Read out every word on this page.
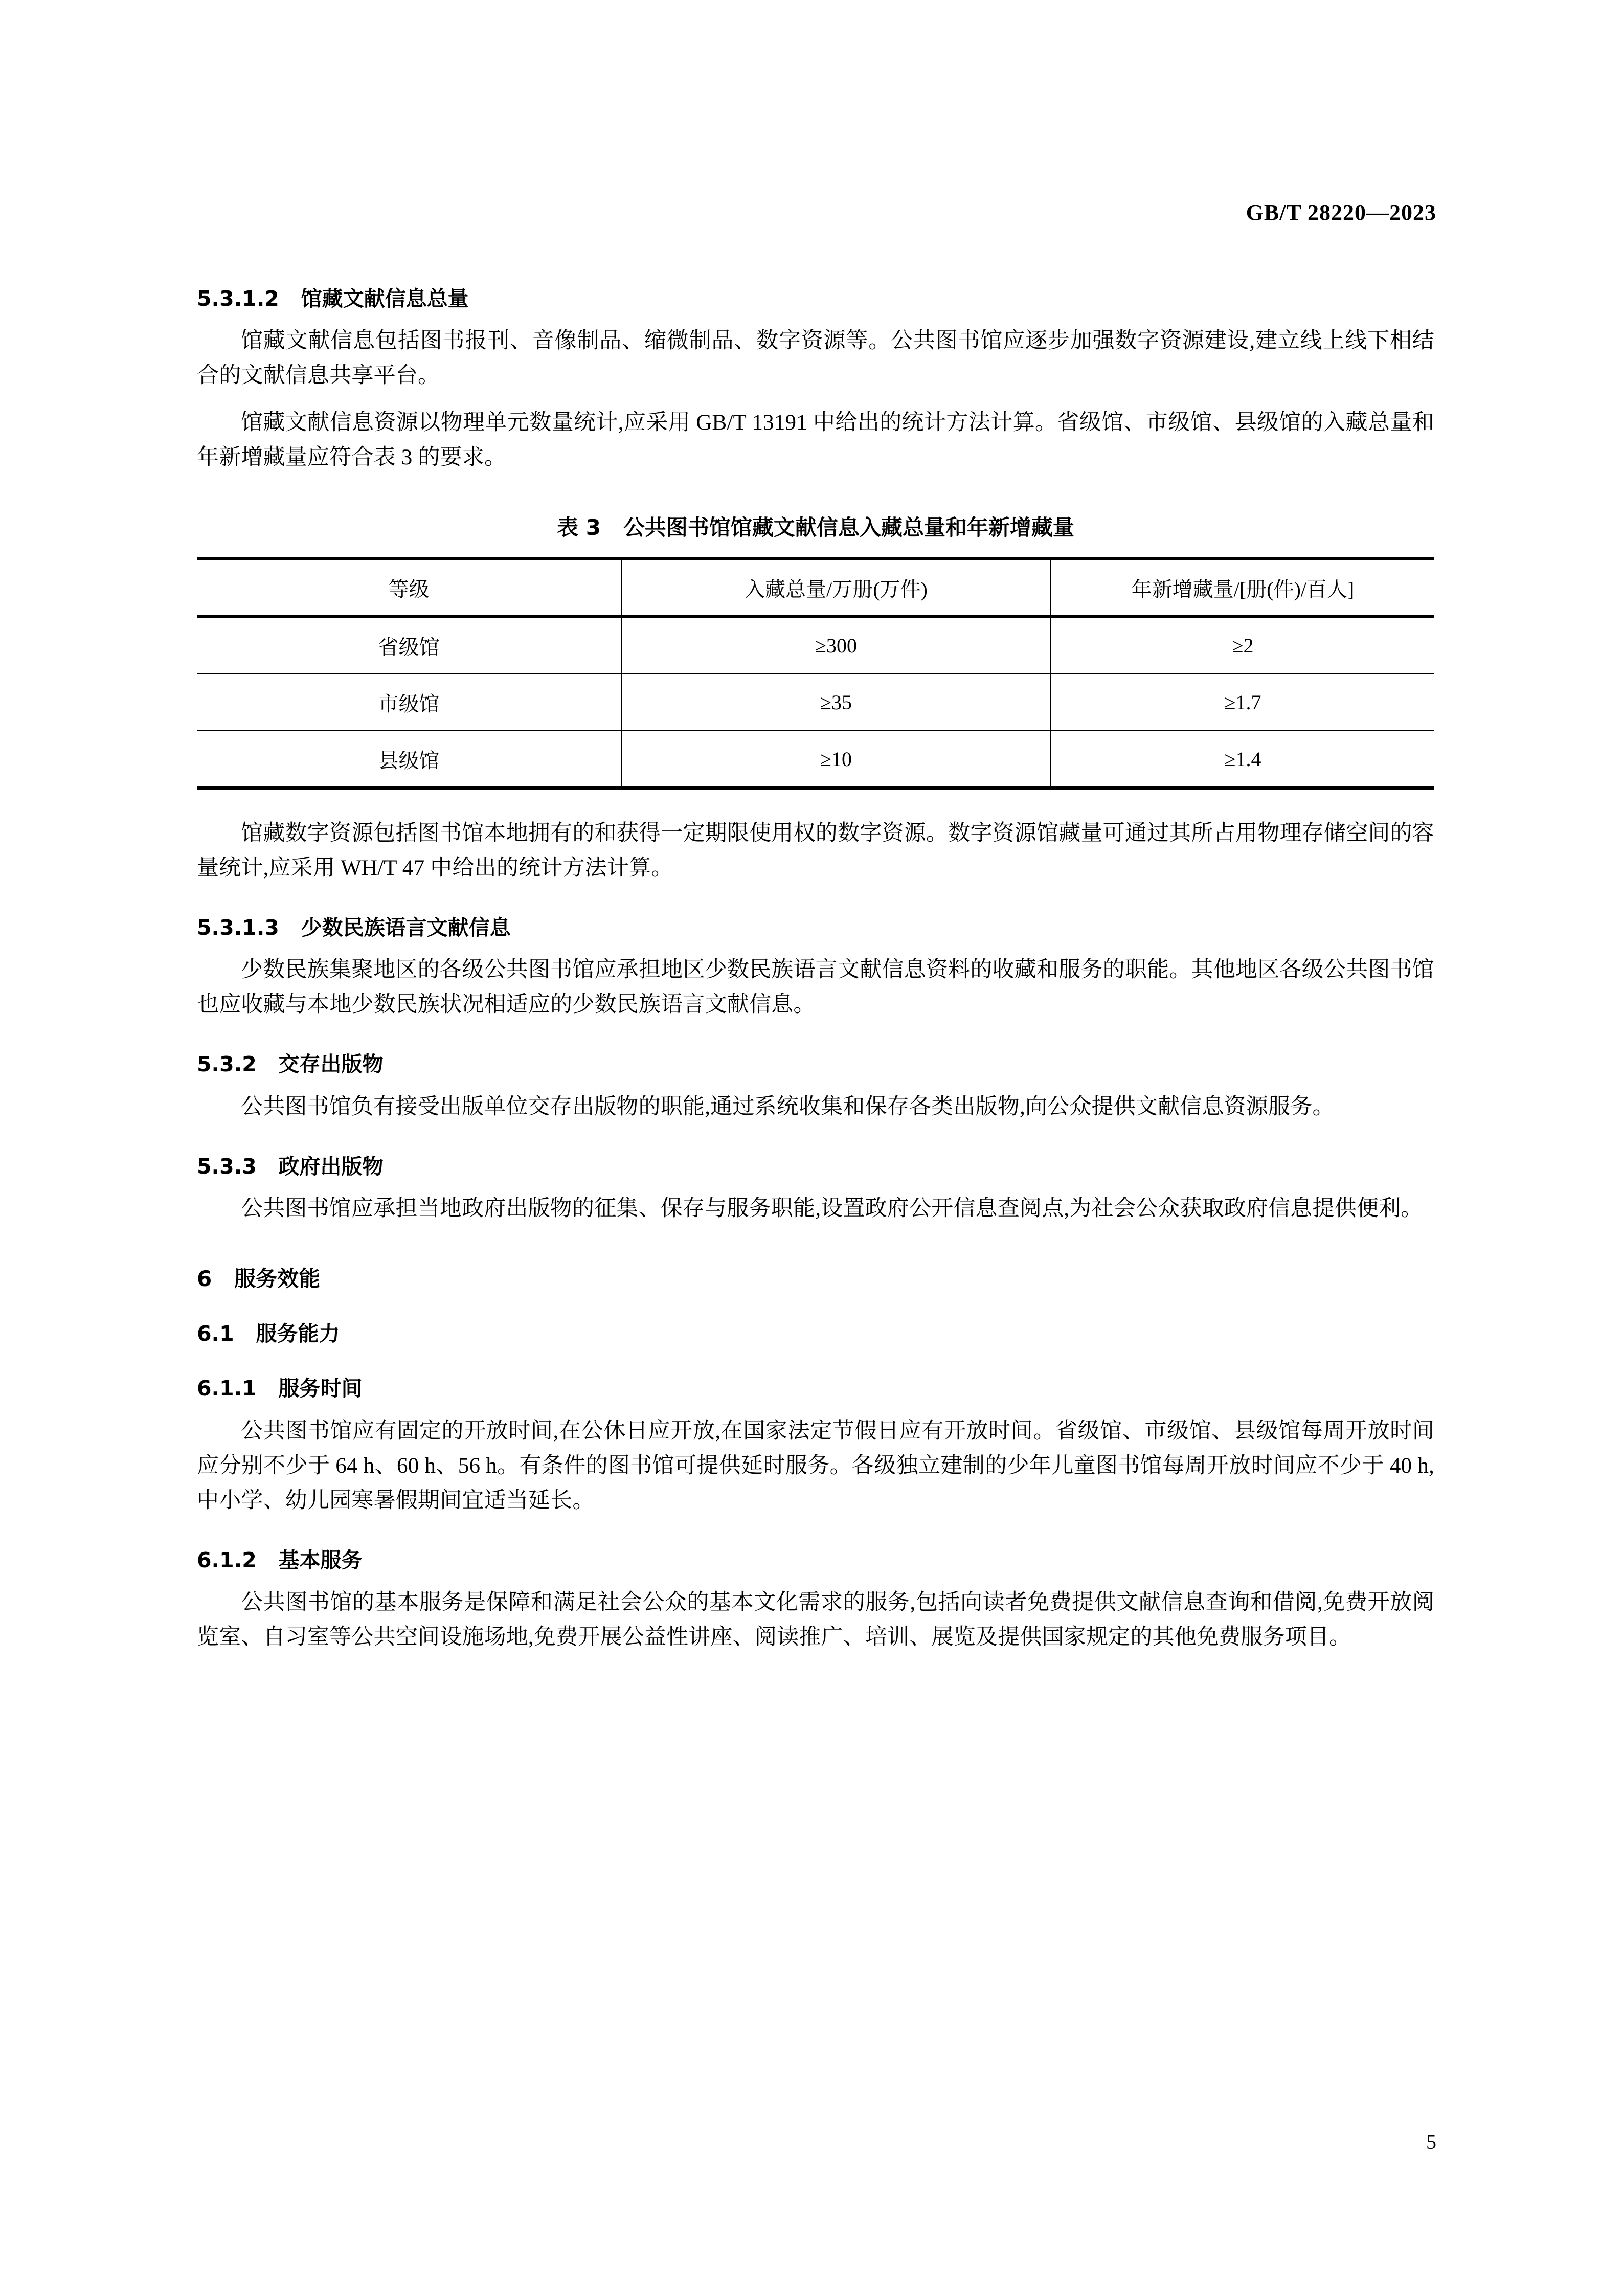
GB/T 28220—2023
5.3.1.2   馆藏文献信息总量

馆藏文献信息包括图书报刊、音像制品、缩微制品、数字资源等。公共图书馆应逐步加强数字资源建设,建立线上线下相结合的文献信息共享平台。

馆藏文献信息资源以物理单元数量统计,应采用 GB/T 13191 中给出的统计方法计算。省级馆、市级馆、县级馆的入藏总量和年新增藏量应符合表 3 的要求。

表 3   公共图书馆馆藏文献信息入藏总量和年新增藏量
等级	入藏总量/万册(万件)	年新增藏量/[册(件)/百人]
省级馆	≥300	≥2
市级馆	≥35	≥1.7
县级馆	≥10	≥1.4

馆藏数字资源包括图书馆本地拥有的和获得一定期限使用权的数字资源。数字资源馆藏量可通过其所占用物理存储空间的容量统计,应采用 WH/T 47 中给出的统计方法计算。

5.3.1.3   少数民族语言文献信息

少数民族集聚地区的各级公共图书馆应承担地区少数民族语言文献信息资料的收藏和服务的职能。其他地区各级公共图书馆也应收藏与本地少数民族状况相适应的少数民族语言文献信息。

5.3.2   交存出版物

公共图书馆负有接受出版单位交存出版物的职能,通过系统收集和保存各类出版物,向公众提供文献信息资源服务。

5.3.3   政府出版物

公共图书馆应承担当地政府出版物的征集、保存与服务职能,设置政府公开信息查阅点,为社会公众获取政府信息提供便利。

6   服务效能
6.1   服务能力
6.1.1   服务时间

公共图书馆应有固定的开放时间,在公休日应开放,在国家法定节假日应有开放时间。省级馆、市级馆、县级馆每周开放时间应分别不少于 64 h、60 h、56 h。有条件的图书馆可提供延时服务。各级独立建制的少年儿童图书馆每周开放时间应不少于 40 h,中小学、幼儿园寒暑假期间宜适当延长。

6.1.2   基本服务

公共图书馆的基本服务是保障和满足社会公众的基本文化需求的服务,包括向读者免费提供文献信息查询和借阅,免费开放阅览室、自习室等公共空间设施场地,免费开展公益性讲座、阅读推广、培训、展览及提供国家规定的其他免费服务项目。

5
